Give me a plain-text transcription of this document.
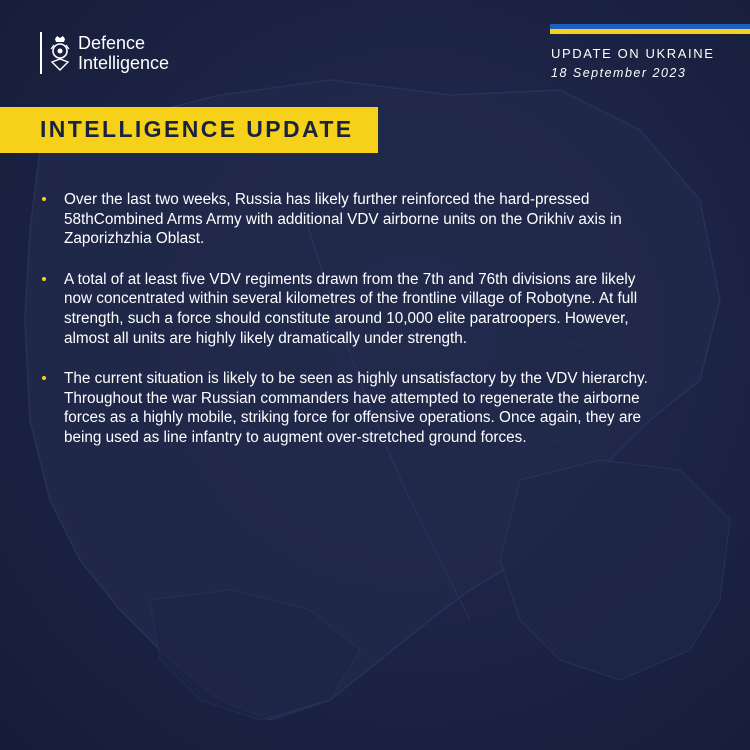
Defence
Intelligence	UPDATE ON UKRAINE
18 September 2023
INTELLIGENCE UPDATE
Over the last two weeks, Russia has likely further reinforced the hard-pressed 58thCombined Arms Army with additional VDV airborne units on the Orikhiv axis in Zaporizhzhia Oblast.
A total of at least five VDV regiments drawn from the 7th and 76th divisions are likely now concentrated within several kilometres of the frontline village of Robotyne. At full strength, such a force should constitute around 10,000 elite paratroopers. However, almost all units are highly likely dramatically under strength.
The current situation is likely to be seen as highly unsatisfactory by the VDV hierarchy. Throughout the war Russian commanders have attempted to regenerate the airborne forces as a highly mobile, striking force for offensive operations. Once again, they are being used as line infantry to augment over-stretched ground forces.
